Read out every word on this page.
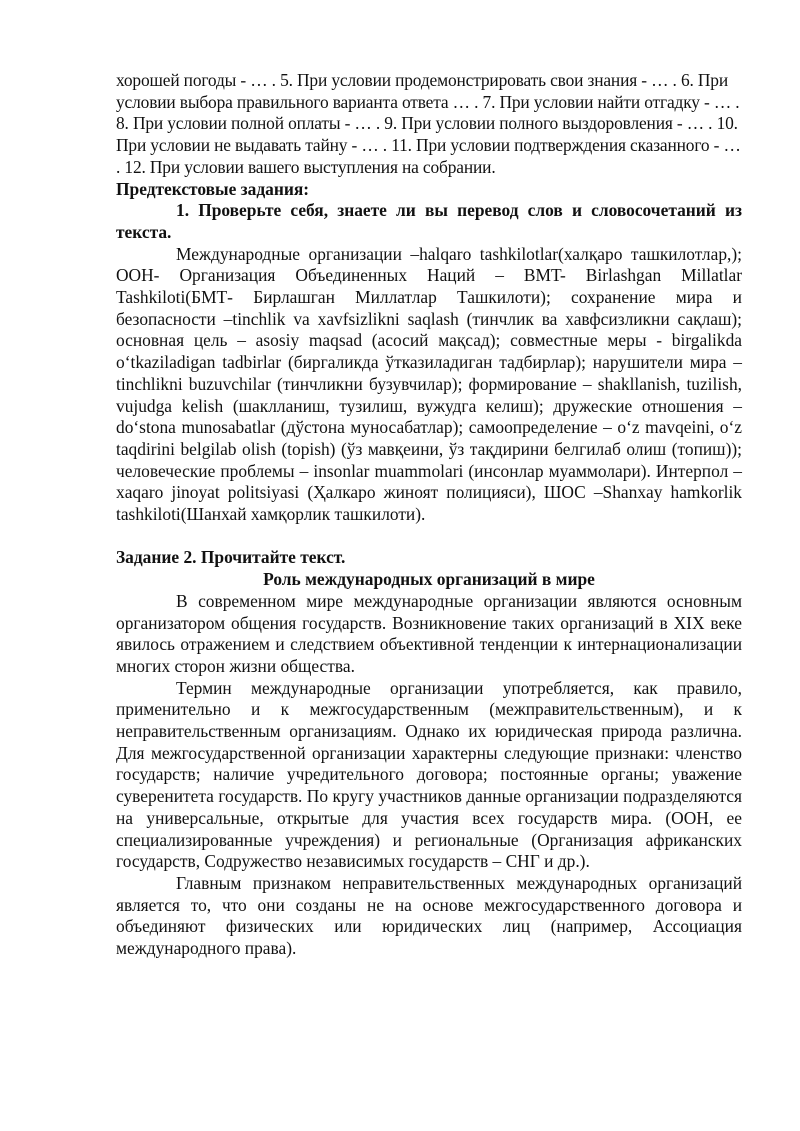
хорошей погоды - … . 5. При условии продемонстрировать свои знания - … . 6. При условии выбора правильного варианта ответа … . 7. При условии найти отгадку - … . 8. При условии полной оплаты - … . 9. При условии полного выздоровления - … . 10. При условии не выдавать тайну - … . 11. При условии подтверждения сказанного - … . 12. При условии вашего выступления на собрании.

Предтекстовые задания:

1. Проверьте себя, знаете ли вы перевод слов и словосочетаний из текста.

Международные организации –halqaro tashkilotlar(халқаро ташкилотлар,); ООН- Организация Объединенных Наций – BMT- Birlashgan Millatlar Tashkiloti(БМТ- Бирлашган Миллатлар Ташкилоти); сохранение мира и безопасности –tinchlik va xavfsizlikni saqlash (тинчлик ва хавфсизликни сақлаш); основная цель – asosiy maqsad (асосий мақсад); совместные меры - birgalikda oʻtkaziladigan tadbirlar (биргаликда ўтказиладиган тадбирлар); нарушители мира – tinchlikni buzuvchilar (тинчликни бузувчилар); формирование – shakllanish, tuzilish, vujudga kelish (шаклланиш, тузилиш, вужудга келиш); дружеские отношения – doʻstona munosabatlar (дўстона муносабатлар); самоопределение – oʻz mavqeini, oʻz taqdirini belgilab olish (topish) (ўз мавқеини, ўз тақдирини белгилаб олиш (топиш)); человеческие проблемы – insonlar muammolari (инсонлар муаммолари). Интерпол – xaqaro jinoyat politsiyasi (Ҳалкаро жиноят полицияси), ШОС –Shanxay hamkorlik tashkiloti(Шанхай хамқорлик ташкилоти).

Задание 2. Прочитайте текст.

Роль международных организаций в мире

В современном мире международные организации являются основным организатором общения государств. Возникновение таких организаций в XIX веке явилось отражением и следствием объективной тенденции к интернационализации многих сторон жизни общества.

Термин международные организации употребляется, как правило, применительно и к межгосударственным (межправительственным), и к неправительственным организациям. Однако их юридическая природа различна. Для межгосударственной организации характерны следующие признаки: членство государств; наличие учредительного договора; постоянные органы; уважение суверенитета государств. По кругу участников данные организации подразделяются на универсальные, открытые для участия всех государств мира. (ООН, ее специализированные учреждения) и региональные (Организация африканских государств, Содружество независимых государств – СНГ и др.).

Главным признаком неправительственных международных организаций является то, что они созданы не на основе межгосударственного договора и объединяют физических или юридических лиц (например, Ассоциация международного права).
